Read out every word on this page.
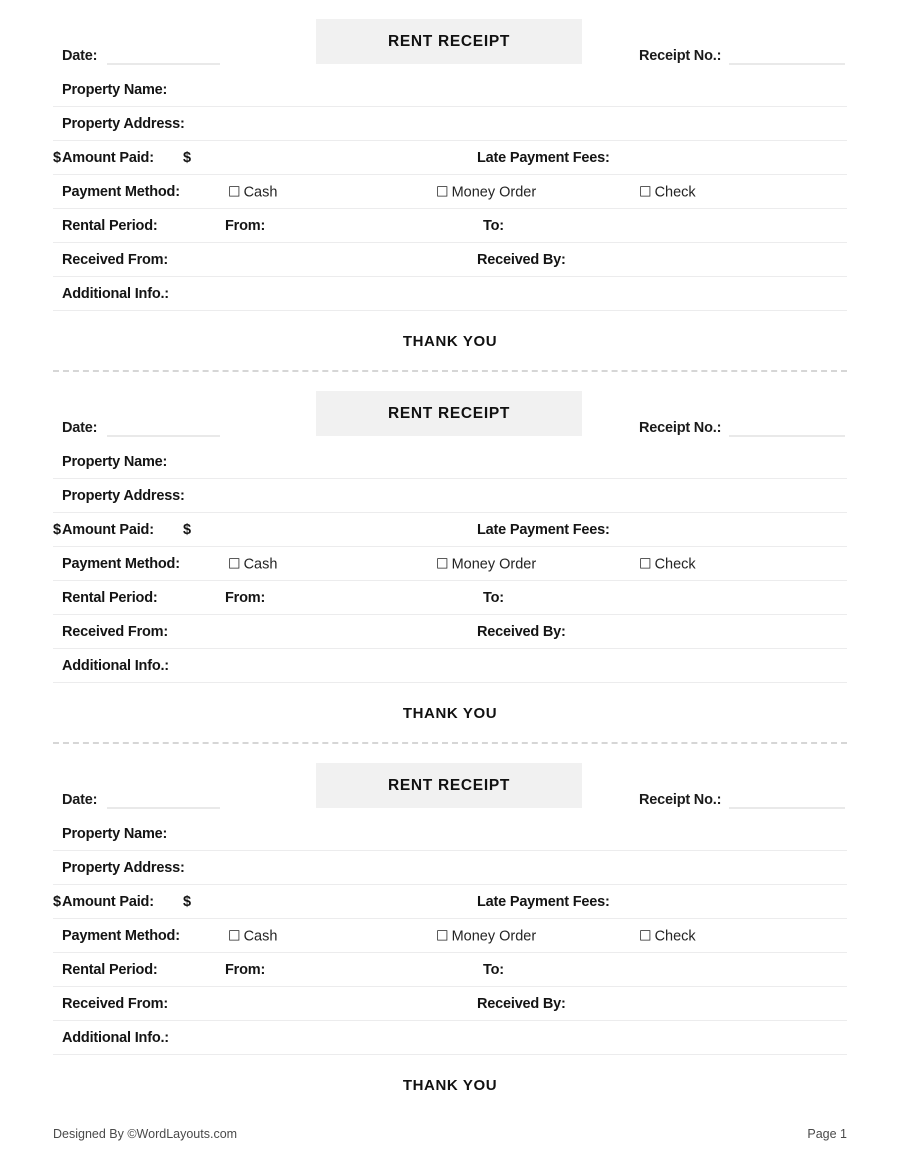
Date:
RENT RECEIPT
Receipt No.:
Property Name:
Property Address:
Amount Paid: $	Late Payment Fees:
$
Payment Method:	☐ Cash	☐ Money Order	☐ Check
Rental Period:	From:	To:
Received From:	Received By:
Additional Info.:
THANK YOU
Date:
RENT RECEIPT
Receipt No.:
Property Name:
Property Address:
Amount Paid: $	Late Payment Fees:
$
Payment Method:	☐ Cash	☐ Money Order	☐ Check
Rental Period:	From:	To:
Received From:	Received By:
Additional Info.:
THANK YOU
Date:
RENT RECEIPT
Receipt No.:
Property Name:
Property Address:
Amount Paid: $	Late Payment Fees:
$
Payment Method:	☐ Cash	☐ Money Order	☐ Check
Rental Period:	From:	To:
Received From:	Received By:
Additional Info.:
THANK YOU
Designed By ©WordLayouts.com	Page 1
